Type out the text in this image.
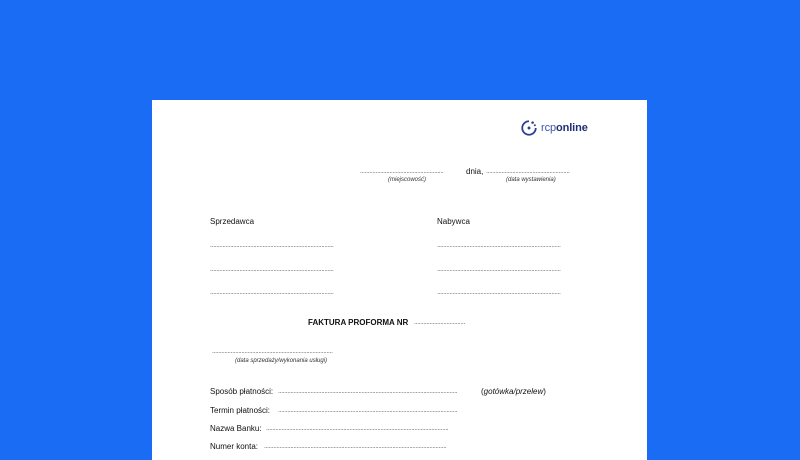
rcponline
......................................................	dnia, ......................................................
(miejscowość)	(data wystawienia)
Sprzedawca
................................................................................
................................................................................
................................................................................
Nabywca
................................................................................
................................................................................
................................................................................
FAKTURA PROFORMA NR .................................
..............................................................................
(data sprzedaży/wykonania usługi)
Sposób płatności: ....................................................................................................................	(gotówka/przelew)
Termin płatności: ....................................................................................................................
Nazwa Banku: ......................................................................................................................
Numer konta: ......................................................................................................................
